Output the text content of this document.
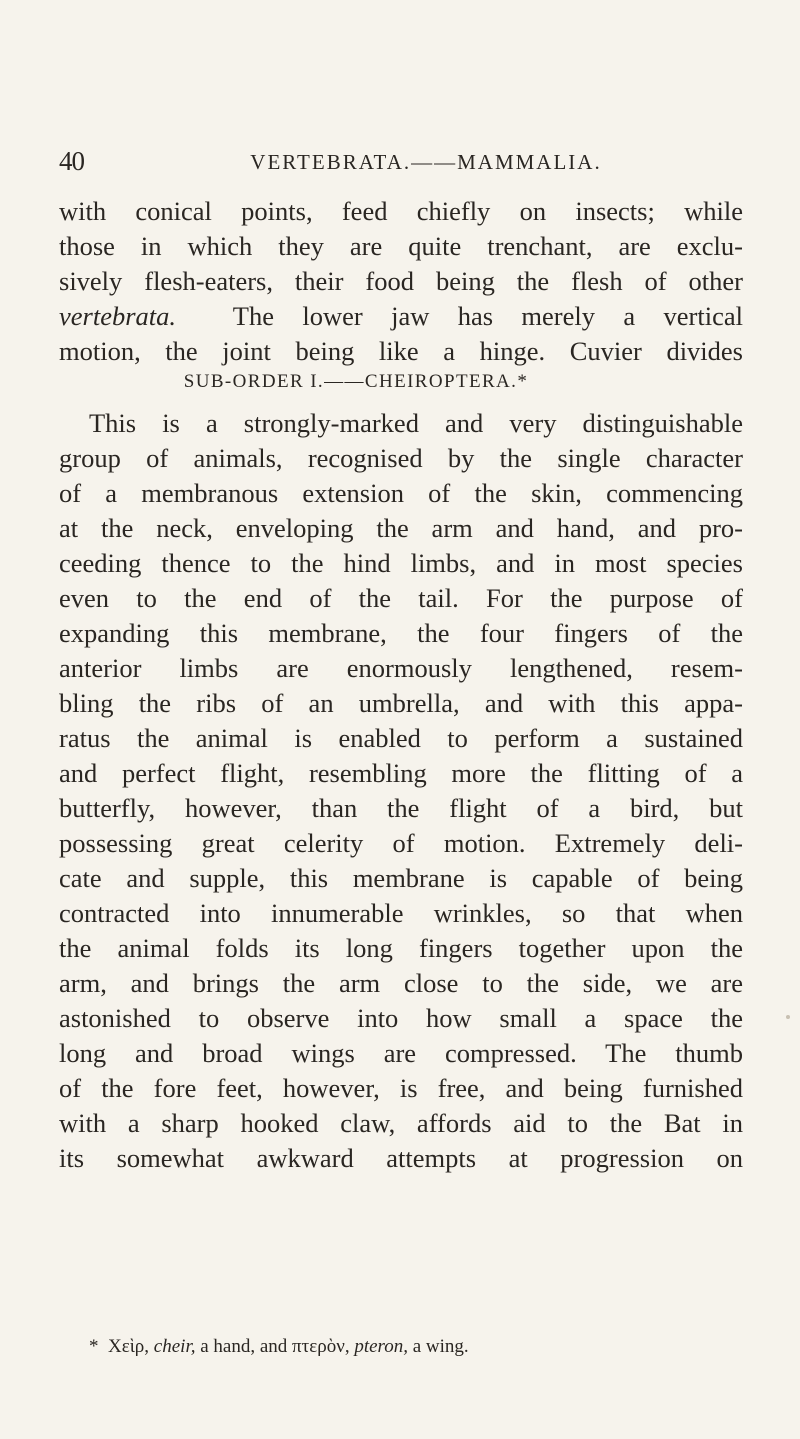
40	VERTEBRATA.——MAMMALIA.
with conical points, feed chiefly on insects; while
those in which they are quite trenchant, are exclu-
sively flesh-eaters, their food being the flesh of other
vertebrata. The lower jaw has merely a vertical
motion, the joint being like a hinge. Cuvier divides
SUB-ORDER I.——CHEIROPTERA.*
This is a strongly-marked and very distinguishable
group of animals, recognised by the single character
of a membranous extension of the skin, commencing
at the neck, enveloping the arm and hand, and pro-
ceeding thence to the hind limbs, and in most species
even to the end of the tail. For the purpose of
expanding this membrane, the four fingers of the
anterior limbs are enormously lengthened, resem-
bling the ribs of an umbrella, and with this appa-
ratus the animal is enabled to perform a sustained
and perfect flight, resembling more the flitting of a
butterfly, however, than the flight of a bird, but
possessing great celerity of motion. Extremely deli-
cate and supple, this membrane is capable of being
contracted into innumerable wrinkles, so that when
the animal folds its long fingers together upon the
arm, and brings the arm close to the side, we are
astonished to observe into how small a space the
long and broad wings are compressed. The thumb
of the fore feet, however, is free, and being furnished
with a sharp hooked claw, affords aid to the Bat in
its somewhat awkward attempts at progression on
* Χεὶρ, cheir, a hand, and πτερὸν, pteron, a wing.
